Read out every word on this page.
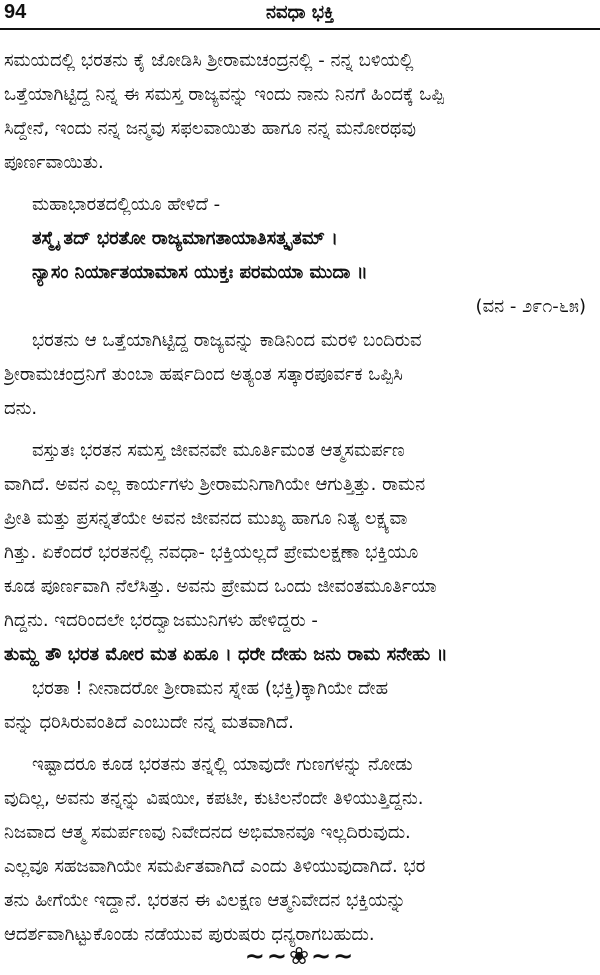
94	ನವಧಾ ಭಕ್ತಿ
ಸಮಯದಲ್ಲಿ ಭರತನು ಕೈ ಜೋಡಿಸಿ ಶ್ರೀರಾಮಚಂದ್ರನಲ್ಲಿ - ನನ್ನ ಬಳಿಯಲ್ಲಿ
ಒತ್ತೆಯಾಗಿಟ್ಟಿದ್ದ ನಿನ್ನ ಈ ಸಮಸ್ತ ರಾಜ್ಯವನ್ನು ಇಂದು ನಾನು ನಿನಗೆ ಹಿಂದಕ್ಕೆ ಒಪ್ಪಿ
ಸಿದ್ದೇನೆ, ಇಂದು ನನ್ನ ಜನ್ಮವು ಸಫಲವಾಯಿತು ಹಾಗೂ ನನ್ನ ಮನೋರಥವು
ಪೂರ್ಣವಾಯಿತು.
ಮಹಾಭಾರತದಲ್ಲಿಯೂ ಹೇಳಿದೆ -
ತಸ್ಮೈ ತದ್ ಭರತೋ ರಾಜ್ಯಮಾಗತಾಯಾತಿಸತ್ಕೃತಮ್ ।
ನ್ಯಾಸಂ ನಿರ್ಯಾತಯಾಮಾಸ ಯುಕ್ತಃ ಪರಮಯಾ ಮುದಾ ॥
(ವನ - ೨೯೧-೬೫)
ಭರತನು ಆ ಒತ್ತೆಯಾಗಿಟ್ಟಿದ್ದ ರಾಜ್ಯವನ್ನು ಕಾಡಿನಿಂದ ಮರಳಿ ಬಂದಿರುವ
ಶ್ರೀರಾಮಚಂದ್ರನಿಗೆ ತುಂಬಾ ಹರ್ಷದಿಂದ ಅತ್ಯಂತ ಸತ್ಕಾರಪೂರ್ವಕ ಒಪ್ಪಿಸಿ
ದನು.
ವಸ್ತುತಃ ಭರತನ ಸಮಸ್ತ ಜೀವನವೇ ಮೂರ್ತಿಮಂತ ಆತ್ಮಸಮರ್ಪಣ
ವಾಗಿದೆ. ಅವನ ಎಲ್ಲ ಕಾರ್ಯಗಳು ಶ್ರೀರಾಮನಿಗಾಗಿಯೇ ಆಗುತ್ತಿತ್ತು. ರಾಮನ
ಪ್ರೀತಿ ಮತ್ತು ಪ್ರಸನ್ನತೆಯೇ ಅವನ ಜೀವನದ ಮುಖ್ಯ ಹಾಗೂ ನಿತ್ಯ ಲಕ್ಷ್ಯವಾ
ಗಿತ್ತು. ಏಕೆಂದರೆ ಭರತನಲ್ಲಿ ನವಧಾ- ಭಕ್ತಿಯಲ್ಲದೆ ಪ್ರೇಮಲಕ್ಷಣಾ ಭಕ್ತಿಯೂ
ಕೂಡ ಪೂರ್ಣವಾಗಿ ನೆಲೆಸಿತ್ತು. ಅವನು ಪ್ರೇಮದ ಒಂದು ಜೀವಂತಮೂರ್ತಿಯಾ
ಗಿದ್ದನು. ಇದರಿಂದಲೇ ಭರದ್ವಾಜಮುನಿಗಳು ಹೇಳಿದ್ದರು -
ತುಮ್ಹ ತೌ ಭರತ ಮೋರ ಮತ ಏಹೂ । ಧರೇ ದೇಹು ಜನು ರಾಮ ಸನೇಹು ॥
ಭರತಾ ! ನೀನಾದರೋ ಶ್ರೀರಾಮನ ಸ್ನೇಹ (ಭಕ್ತಿ)ಕ್ಕಾಗಿಯೇ ದೇಹ
ವನ್ನು ಧರಿಸಿರುವಂತಿದೆ ಎಂಬುದೇ ನನ್ನ ಮತವಾಗಿದೆ.
ಇಷ್ಟಾದರೂ ಕೂಡ ಭರತನು ತನ್ನಲ್ಲಿ ಯಾವುದೇ ಗುಣಗಳನ್ನು ನೋಡು
ವುದಿಲ್ಲ, ಅವನು ತನ್ನನ್ನು ವಿಷಯೀ, ಕಪಟೀ, ಕುಟಿಲನೆಂದೇ ತಿಳಿಯುತ್ತಿದ್ದನು.
ನಿಜವಾದ ಆತ್ಮ ಸಮರ್ಪಣವು ನಿವೇದನದ ಅಭಿಮಾನವೂ ಇಲ್ಲದಿರುವುದು.
ಎಲ್ಲವೂ ಸಹಜವಾಗಿಯೇ ಸಮರ್ಪಿತವಾಗಿದೆ ಎಂದು ತಿಳಿಯುವುದಾಗಿದೆ. ಭರ
ತನು ಹೀಗೆಯೇ ಇದ್ದಾನೆ. ಭರತನ ಈ ವಿಲಕ್ಷಣ ಆತ್ಮನಿವೇದನ ಭಕ್ತಿಯನ್ನು
ಆದರ್ಶವಾಗಿಟ್ಟುಕೊಂಡು ನಡೆಯುವ ಪುರುಷರು ಧನ್ಯರಾಗಬಹುದು.
~~❀~~
